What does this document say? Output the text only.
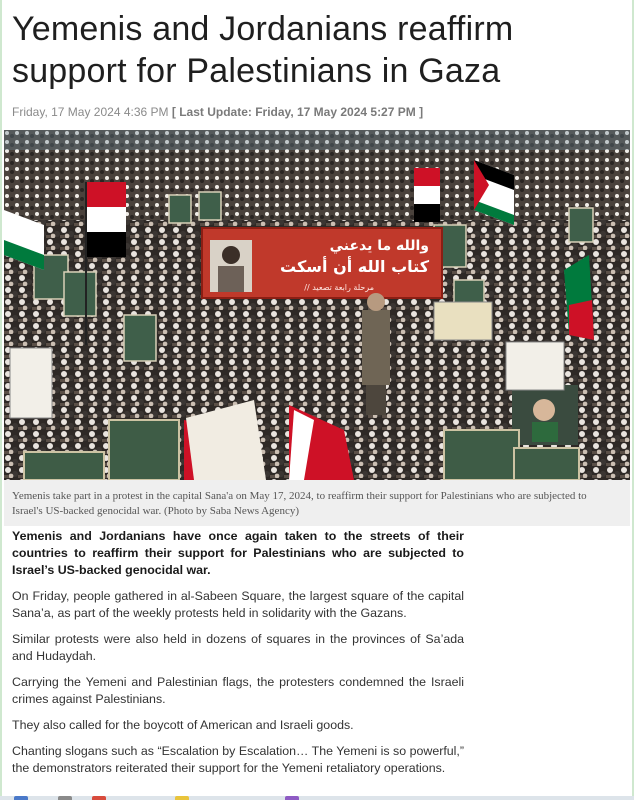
Yemenis and Jordanians reaffirm support for Palestinians in Gaza
Friday, 17 May 2024 4:36 PM [ Last Update: Friday, 17 May 2024 5:27 PM ]
والله ما يدعني
كتاب الله أن أسكت
// مرحلة رابعة تصعيد
Yemenis take part in a protest in the capital Sana'a on May 17, 2024, to reaffirm their support for Palestinians who are subjected to Israel's US-backed genocidal war. (Photo by Saba News Agency)

Yemenis and Jordanians have once again taken to the streets of their countries to reaffirm their support for Palestinians who are subjected to Israel’s US-backed genocidal war.

On Friday, people gathered in al-Sabeen Square, the largest square of the capital Sana’a, as part of the weekly protests held in solidarity with the Gazans.

Similar protests were also held in dozens of squares in the provinces of Sa’ada and Hudaydah.

Carrying the Yemeni and Palestinian flags, the protesters condemned the Israeli crimes against Palestinians.

They also called for the boycott of American and Israeli goods.

Chanting slogans such as “Escalation by Escalation… The Yemeni is so powerful,” the demonstrators reiterated their support for the Yemeni retaliatory operations.
